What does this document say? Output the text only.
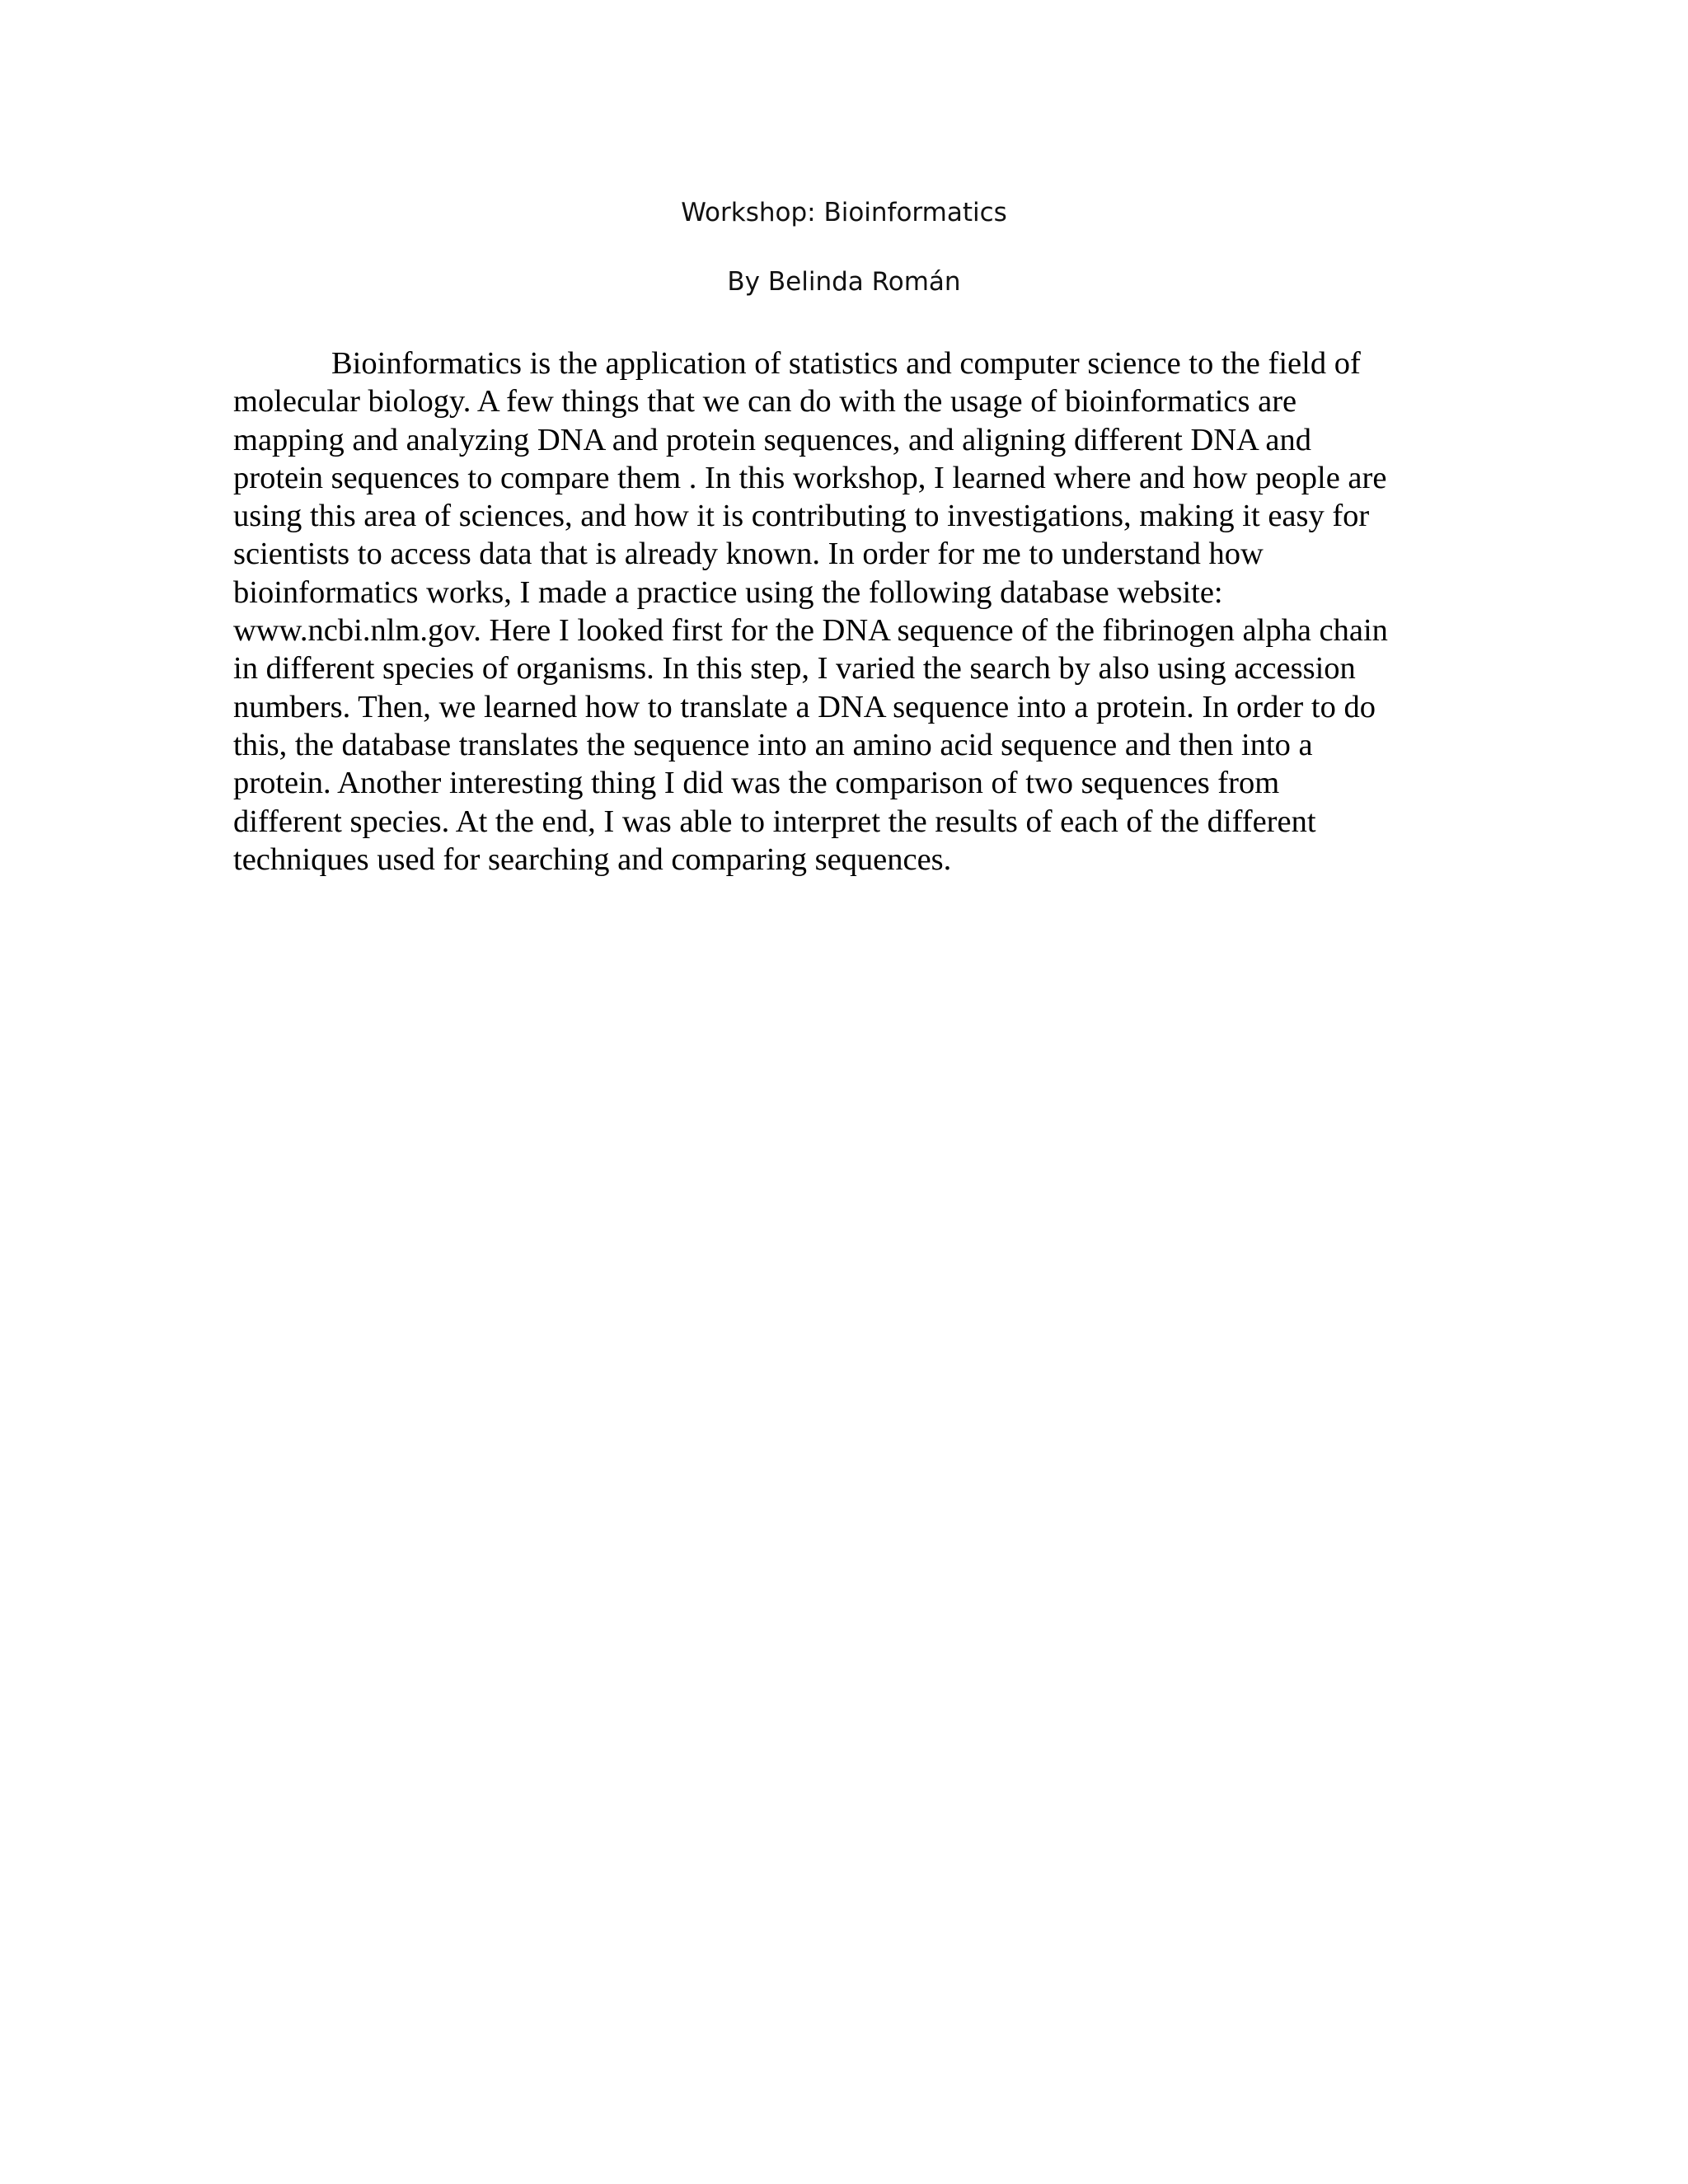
Workshop: Bioinformatics
By Belinda Román
Bioinformatics is the application of statistics and computer science to the field of
molecular biology. A few things that we can do with the usage of bioinformatics are
mapping and analyzing DNA and protein sequences, and aligning different DNA and
protein sequences to compare them . In this workshop, I learned where and how people are
using this area of sciences, and how it is contributing to investigations, making it easy for
scientists to access data that is already known. In order for me to understand how
bioinformatics works, I made a practice using the following database website:
www.ncbi.nlm.gov. Here I looked first for the DNA sequence of the fibrinogen alpha chain
in different species of organisms. In this step, I varied the search by also using accession
numbers. Then, we learned how to translate a DNA sequence into a protein. In order to do
this, the database translates the sequence into an amino acid sequence and then into a
protein. Another interesting thing I did was the comparison of two sequences from
different species. At the end, I was able to interpret the results of each of the different
techniques used for searching and comparing sequences.
